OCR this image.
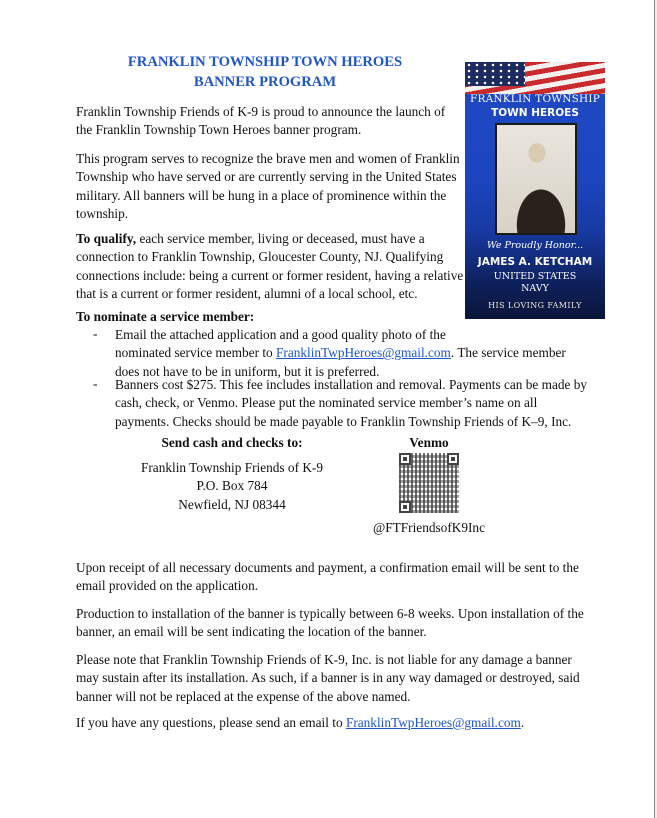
FRANKLIN TOWNSHIP TOWN HEROES
BANNER PROGRAM
Franklin Township Friends of K-9 is proud to announce the launch of
the Franklin Township Town Heroes banner program.
This program serves to recognize the brave men and women of Franklin
Township who have served or are currently serving in the United States
military. All banners will be hung in a place of prominence within the
township.
To qualify, each service member, living or deceased, must have a
connection to Franklin Township, Gloucester County, NJ. Qualifying
connections include: being a current or former resident, having a relative
that is a current or former resident, alumni of a local school, etc.
To nominate a service member:
- Email the attached application and a good quality photo of the
nominated service member to FranklinTwpHeroes@gmail.com. The service member
does not have to be in uniform, but it is preferred.
- Banners cost $275. This fee includes installation and removal. Payments can be made by
cash, check, or Venmo. Please put the nominated service member’s name on all
payments. Checks should be made payable to Franklin Township Friends of K–9, Inc.
Send cash and checks to:
Franklin Township Friends of K-9
P.O. Box 784
Newfield, NJ 08344
Venmo
@FTFriendsofK9Inc
Upon receipt of all necessary documents and payment, a confirmation email will be sent to the
email provided on the application.
Production to installation of the banner is typically between 6-8 weeks. Upon installation of the
banner, an email will be sent indicating the location of the banner.
Please note that Franklin Township Friends of K-9, Inc. is not liable for any damage a banner
may sustain after its installation. As such, if a banner is in any way damaged or destroyed, said
banner will not be replaced at the expense of the above named.
If you have any questions, please send an email to FranklinTwpHeroes@gmail.com.
FRANKLIN TOWNSHIP
TOWN HEROES
We Proudly Honor...
JAMES A. KETCHAM
UNITED STATES
NAVY
HIS LOVING FAMILY
